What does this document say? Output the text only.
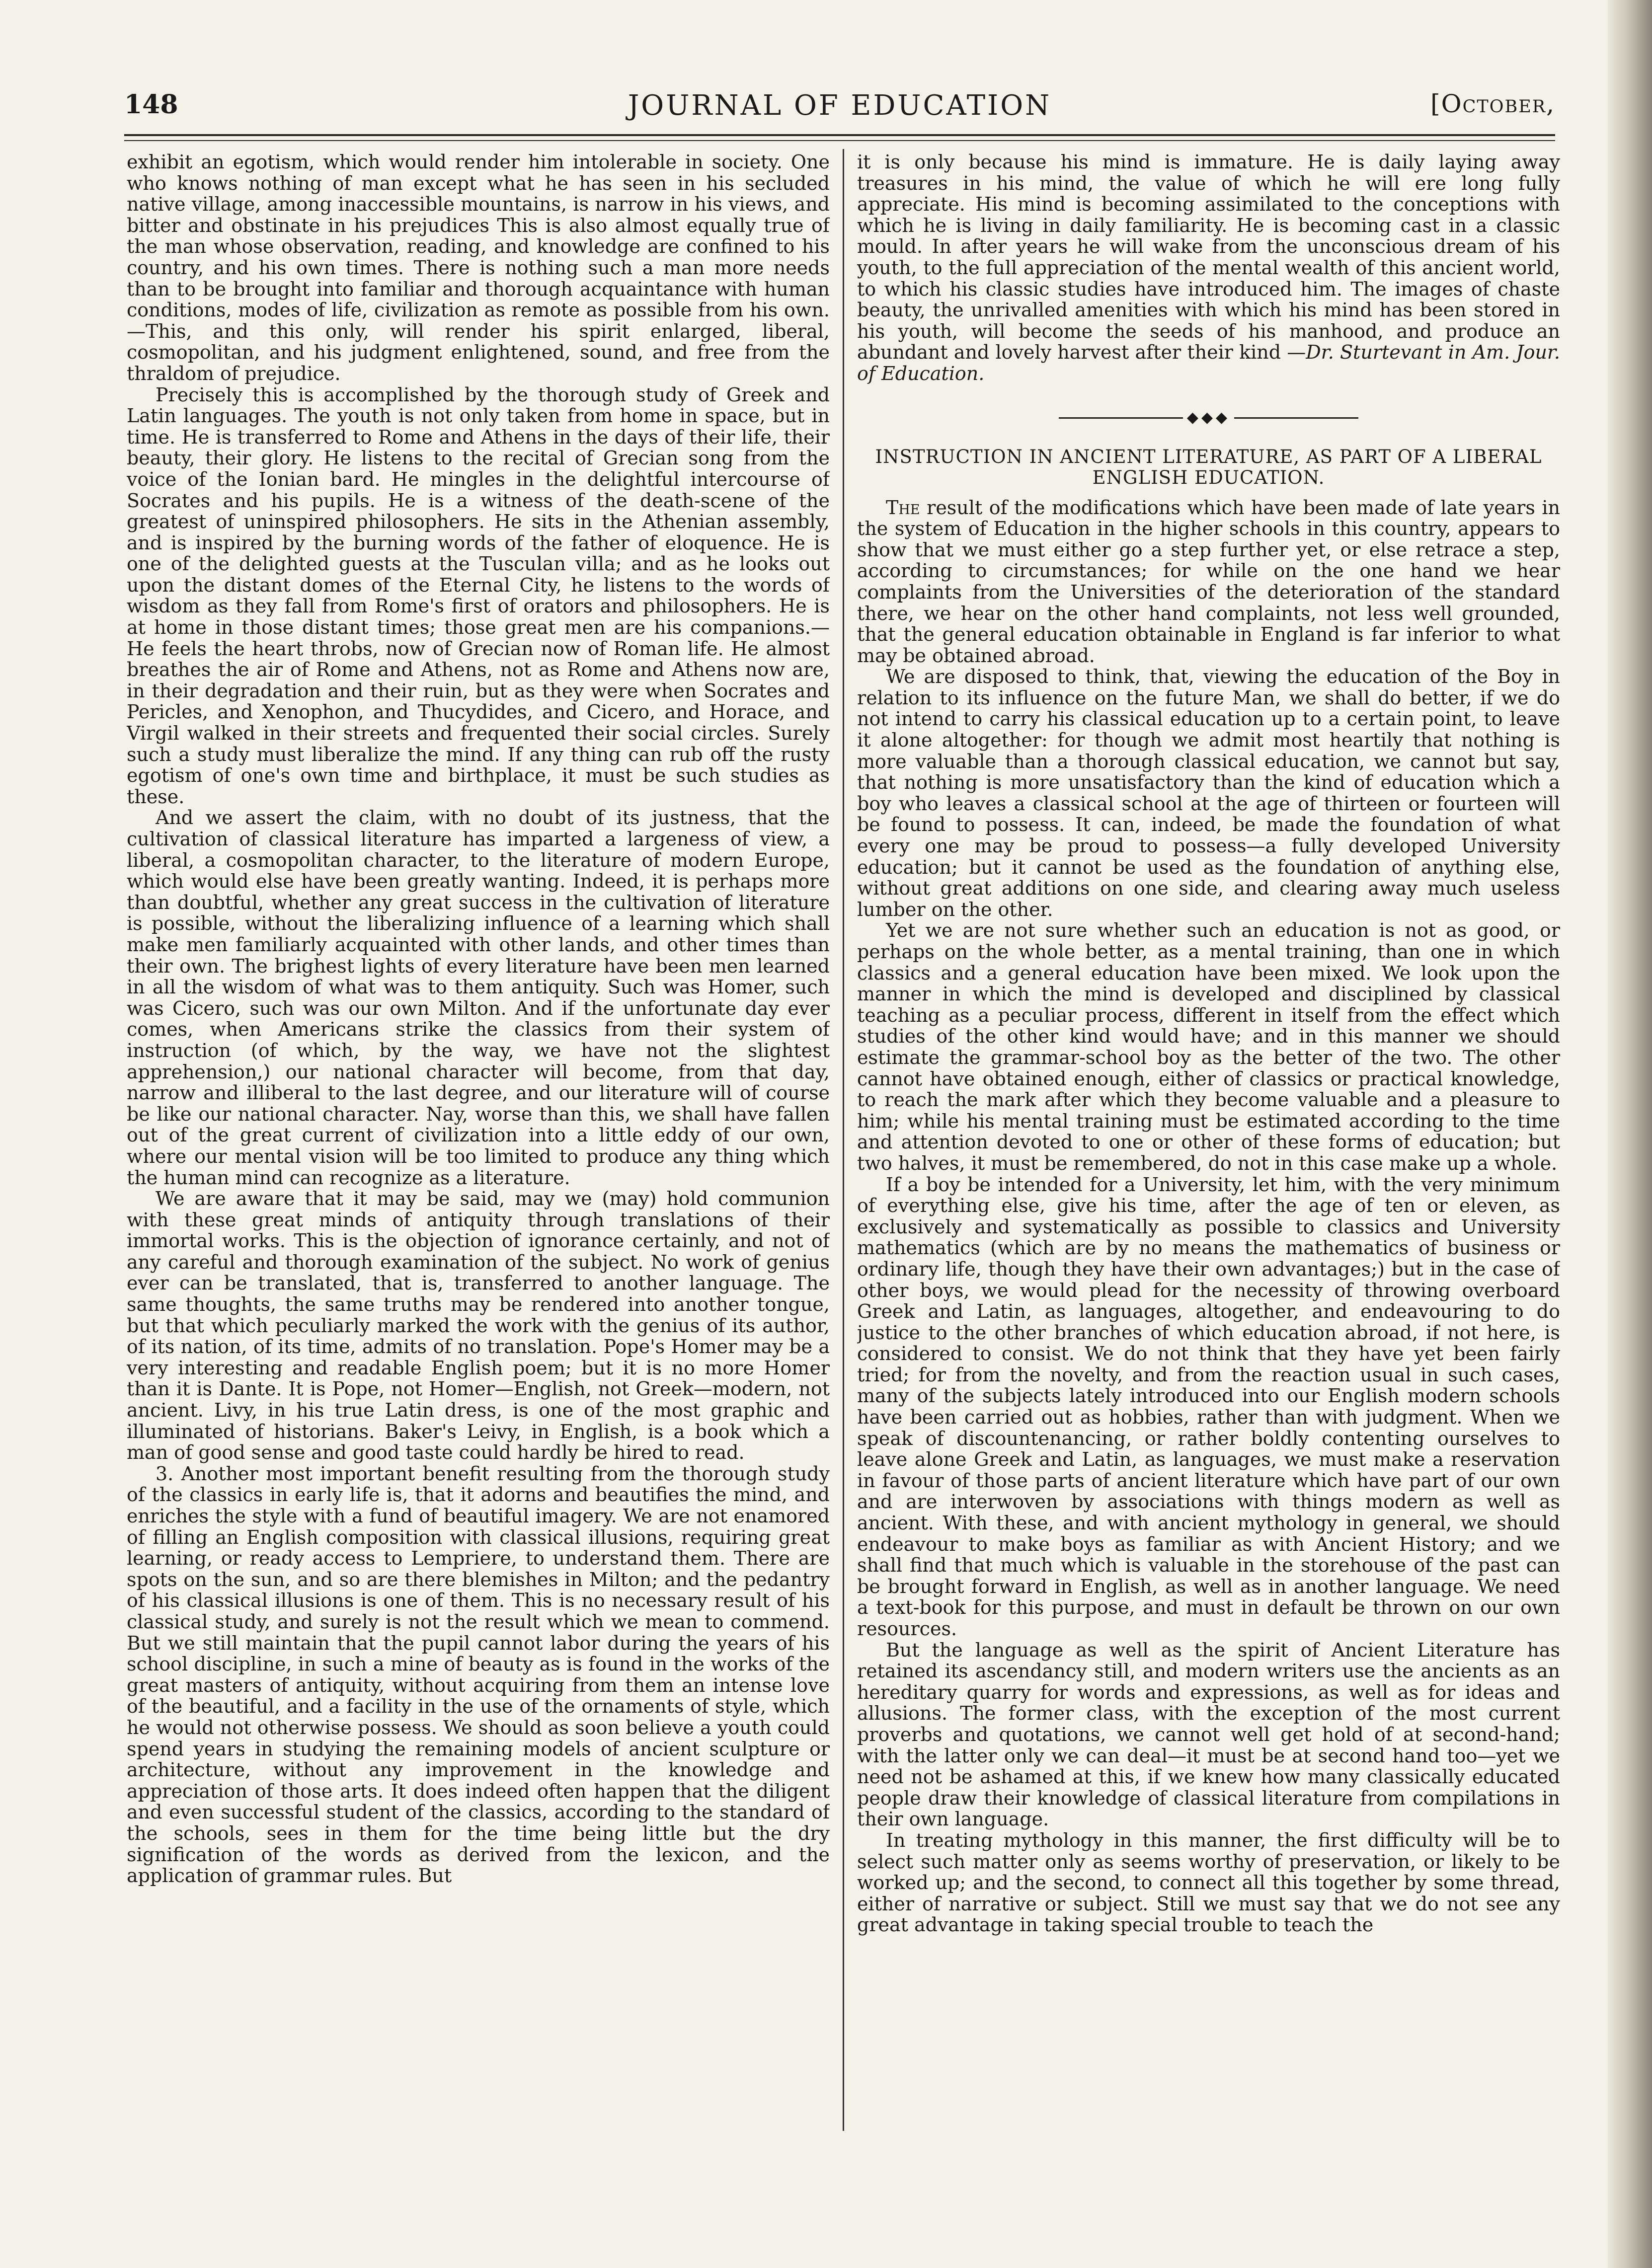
148	JOURNAL OF EDUCATION	[October,

exhibit an egotism, which would render him intolerable in society. One who knows nothing of man except what he has seen in his secluded native village, among inaccessible mountains, is narrow in his views, and bitter and obstinate in his prejudices This is also almost equally true of the man whose observation, reading, and knowledge are confined to his country, and his own times. There is nothing such a man more needs than to be brought into familiar and thorough acquaintance with human conditions, modes of life, civilization as remote as possible from his own.—This, and this only, will render his spirit enlarged, liberal, cosmopolitan, and his judgment enlightened, sound, and free from the thraldom of prejudice.

Precisely this is accomplished by the thorough study of Greek and Latin languages. The youth is not only taken from home in space, but in time. He is transferred to Rome and Athens in the days of their life, their beauty, their glory. He listens to the recital of Grecian song from the voice of the Ionian bard. He mingles in the delightful intercourse of Socrates and his pupils. He is a witness of the death-scene of the greatest of uninspired philosophers. He sits in the Athenian assembly, and is inspired by the burning words of the father of eloquence. He is one of the delighted guests at the Tusculan villa; and as he looks out upon the distant domes of the Eternal City, he listens to the words of wisdom as they fall from Rome's first of orators and philosophers. He is at home in those distant times; those great men are his companions.—He feels the heart throbs, now of Grecian now of Roman life. He almost breathes the air of Rome and Athens, not as Rome and Athens now are, in their degradation and their ruin, but as they were when Socrates and Pericles, and Xenophon, and Thucydides, and Cicero, and Horace, and Virgil walked in their streets and frequented their social circles. Surely such a study must liberalize the mind. If any thing can rub off the rusty egotism of one's own time and birthplace, it must be such studies as these.

And we assert the claim, with no doubt of its justness, that the cultivation of classical literature has imparted a largeness of view, a liberal, a cosmopolitan character, to the literature of modern Europe, which would else have been greatly wanting. Indeed, it is perhaps more than doubtful, whether any great success in the cultivation of literature is possible, without the liberalizing influence of a learning which shall make men familiarly acquainted with other lands, and other times than their own. The brighest lights of every literature have been men learned in all the wisdom of what was to them antiquity. Such was Homer, such was Cicero, such was our own Milton. And if the unfortunate day ever comes, when Americans strike the classics from their system of instruction (of which, by the way, we have not the slightest apprehension,) our national character will become, from that day, narrow and illiberal to the last degree, and our literature will of course be like our national character. Nay, worse than this, we shall have fallen out of the great current of civilization into a little eddy of our own, where our mental vision will be too limited to produce any thing which the human mind can recognize as a literature.

We are aware that it may be said, may we (may) hold communion with these great minds of antiquity through translations of their immortal works. This is the objection of ignorance certainly, and not of any careful and thorough examination of the subject. No work of genius ever can be translated, that is, transferred to another language. The same thoughts, the same truths may be rendered into another tongue, but that which peculiarly marked the work with the genius of its author, of its nation, of its time, admits of no translation. Pope's Homer may be a very interesting and readable English poem; but it is no more Homer than it is Dante. It is Pope, not Homer—English, not Greek—modern, not ancient. Livy, in his true Latin dress, is one of the most graphic and illuminated of historians. Baker's Leivy, in English, is a book which a man of good sense and good taste could hardly be hired to read.

3. Another most important benefit resulting from the thorough study of the classics in early life is, that it adorns and beautifies the mind, and enriches the style with a fund of beautiful imagery. We are not enamored of filling an English composition with classical illusions, requiring great learning, or ready access to Lempriere, to understand them. There are spots on the sun, and so are there blemishes in Milton; and the pedantry of his classical illusions is one of them. This is no necessary result of his classical study, and surely is not the result which we mean to commend. But we still maintain that the pupil cannot labor during the years of his school discipline, in such a mine of beauty as is found in the works of the great masters of antiquity, without acquiring from them an intense love of the beautiful, and a facility in the use of the ornaments of style, which he would not otherwise possess. We should as soon believe a youth could spend years in studying the remaining models of ancient sculpture or architecture, without any improvement in the knowledge and appreciation of those arts. It does indeed often happen that the diligent and even successful student of the classics, according to the standard of the schools, sees in them for the time being little but the dry signification of the words as derived from the lexicon, and the application of grammar rules. But

it is only because his mind is immature. He is daily laying away treasures in his mind, the value of which he will ere long fully appreciate. His mind is becoming assimilated to the conceptions with which he is living in daily familiarity. He is becoming cast in a classic mould. In after years he will wake from the unconscious dream of his youth, to the full appreciation of the mental wealth of this ancient world, to which his classic studies have introduced him. The images of chaste beauty, the unrivalled amenities with which his mind has been stored in his youth, will become the seeds of his manhood, and produce an abundant and lovely harvest after their kind —Dr. Sturtevant in Am. Jour. of Education.

◆◆◆
INSTRUCTION IN ANCIENT LITERATURE, AS PART OF A LIBERAL ENGLISH EDUCATION.

The result of the modifications which have been made of late years in the system of Education in the higher schools in this country, appears to show that we must either go a step further yet, or else retrace a step, according to circumstances; for while on the one hand we hear complaints from the Universities of the deterioration of the standard there, we hear on the other hand complaints, not less well grounded, that the general education obtainable in England is far inferior to what may be obtained abroad.

We are disposed to think, that, viewing the education of the Boy in relation to its influence on the future Man, we shall do better, if we do not intend to carry his classical education up to a certain point, to leave it alone altogether: for though we admit most heartily that nothing is more valuable than a thorough classical education, we cannot but say, that nothing is more unsatisfactory than the kind of education which a boy who leaves a classical school at the age of thirteen or fourteen will be found to possess. It can, indeed, be made the foundation of what every one may be proud to possess—a fully developed University education; but it cannot be used as the foundation of anything else, without great additions on one side, and clearing away much useless lumber on the other.

Yet we are not sure whether such an education is not as good, or perhaps on the whole better, as a mental training, than one in which classics and a general education have been mixed. We look upon the manner in which the mind is developed and disciplined by classical teaching as a peculiar process, different in itself from the effect which studies of the other kind would have; and in this manner we should estimate the grammar-school boy as the better of the two. The other cannot have obtained enough, either of classics or practical knowledge, to reach the mark after which they become valuable and a pleasure to him; while his mental training must be estimated according to the time and attention devoted to one or other of these forms of education; but two halves, it must be remembered, do not in this case make up a whole.

If a boy be intended for a University, let him, with the very minimum of everything else, give his time, after the age of ten or eleven, as exclusively and systematically as possible to classics and University mathematics (which are by no means the mathematics of business or ordinary life, though they have their own advantages;) but in the case of other boys, we would plead for the necessity of throwing overboard Greek and Latin, as languages, altogether, and endeavouring to do justice to the other branches of which education abroad, if not here, is considered to consist. We do not think that they have yet been fairly tried; for from the novelty, and from the reaction usual in such cases, many of the subjects lately introduced into our English modern schools have been carried out as hobbies, rather than with judgment. When we speak of discountenancing, or rather boldly contenting ourselves to leave alone Greek and Latin, as languages, we must make a reservation in favour of those parts of ancient literature which have part of our own and are interwoven by associations with things modern as well as ancient. With these, and with ancient mythology in general, we should endeavour to make boys as familiar as with Ancient History; and we shall find that much which is valuable in the storehouse of the past can be brought forward in English, as well as in another language. We need a text-book for this purpose, and must in default be thrown on our own resources.

But the language as well as the spirit of Ancient Literature has retained its ascendancy still, and modern writers use the ancients as an hereditary quarry for words and expressions, as well as for ideas and allusions. The former class, with the exception of the most current proverbs and quotations, we cannot well get hold of at second-hand; with the latter only we can deal—it must be at second hand too—yet we need not be ashamed at this, if we knew how many classically educated people draw their knowledge of classical literature from compilations in their own language.

In treating mythology in this manner, the first difficulty will be to select such matter only as seems worthy of preservation, or likely to be worked up; and the second, to connect all this together by some thread, either of narrative or subject. Still we must say that we do not see any great advantage in taking special trouble to teach the
